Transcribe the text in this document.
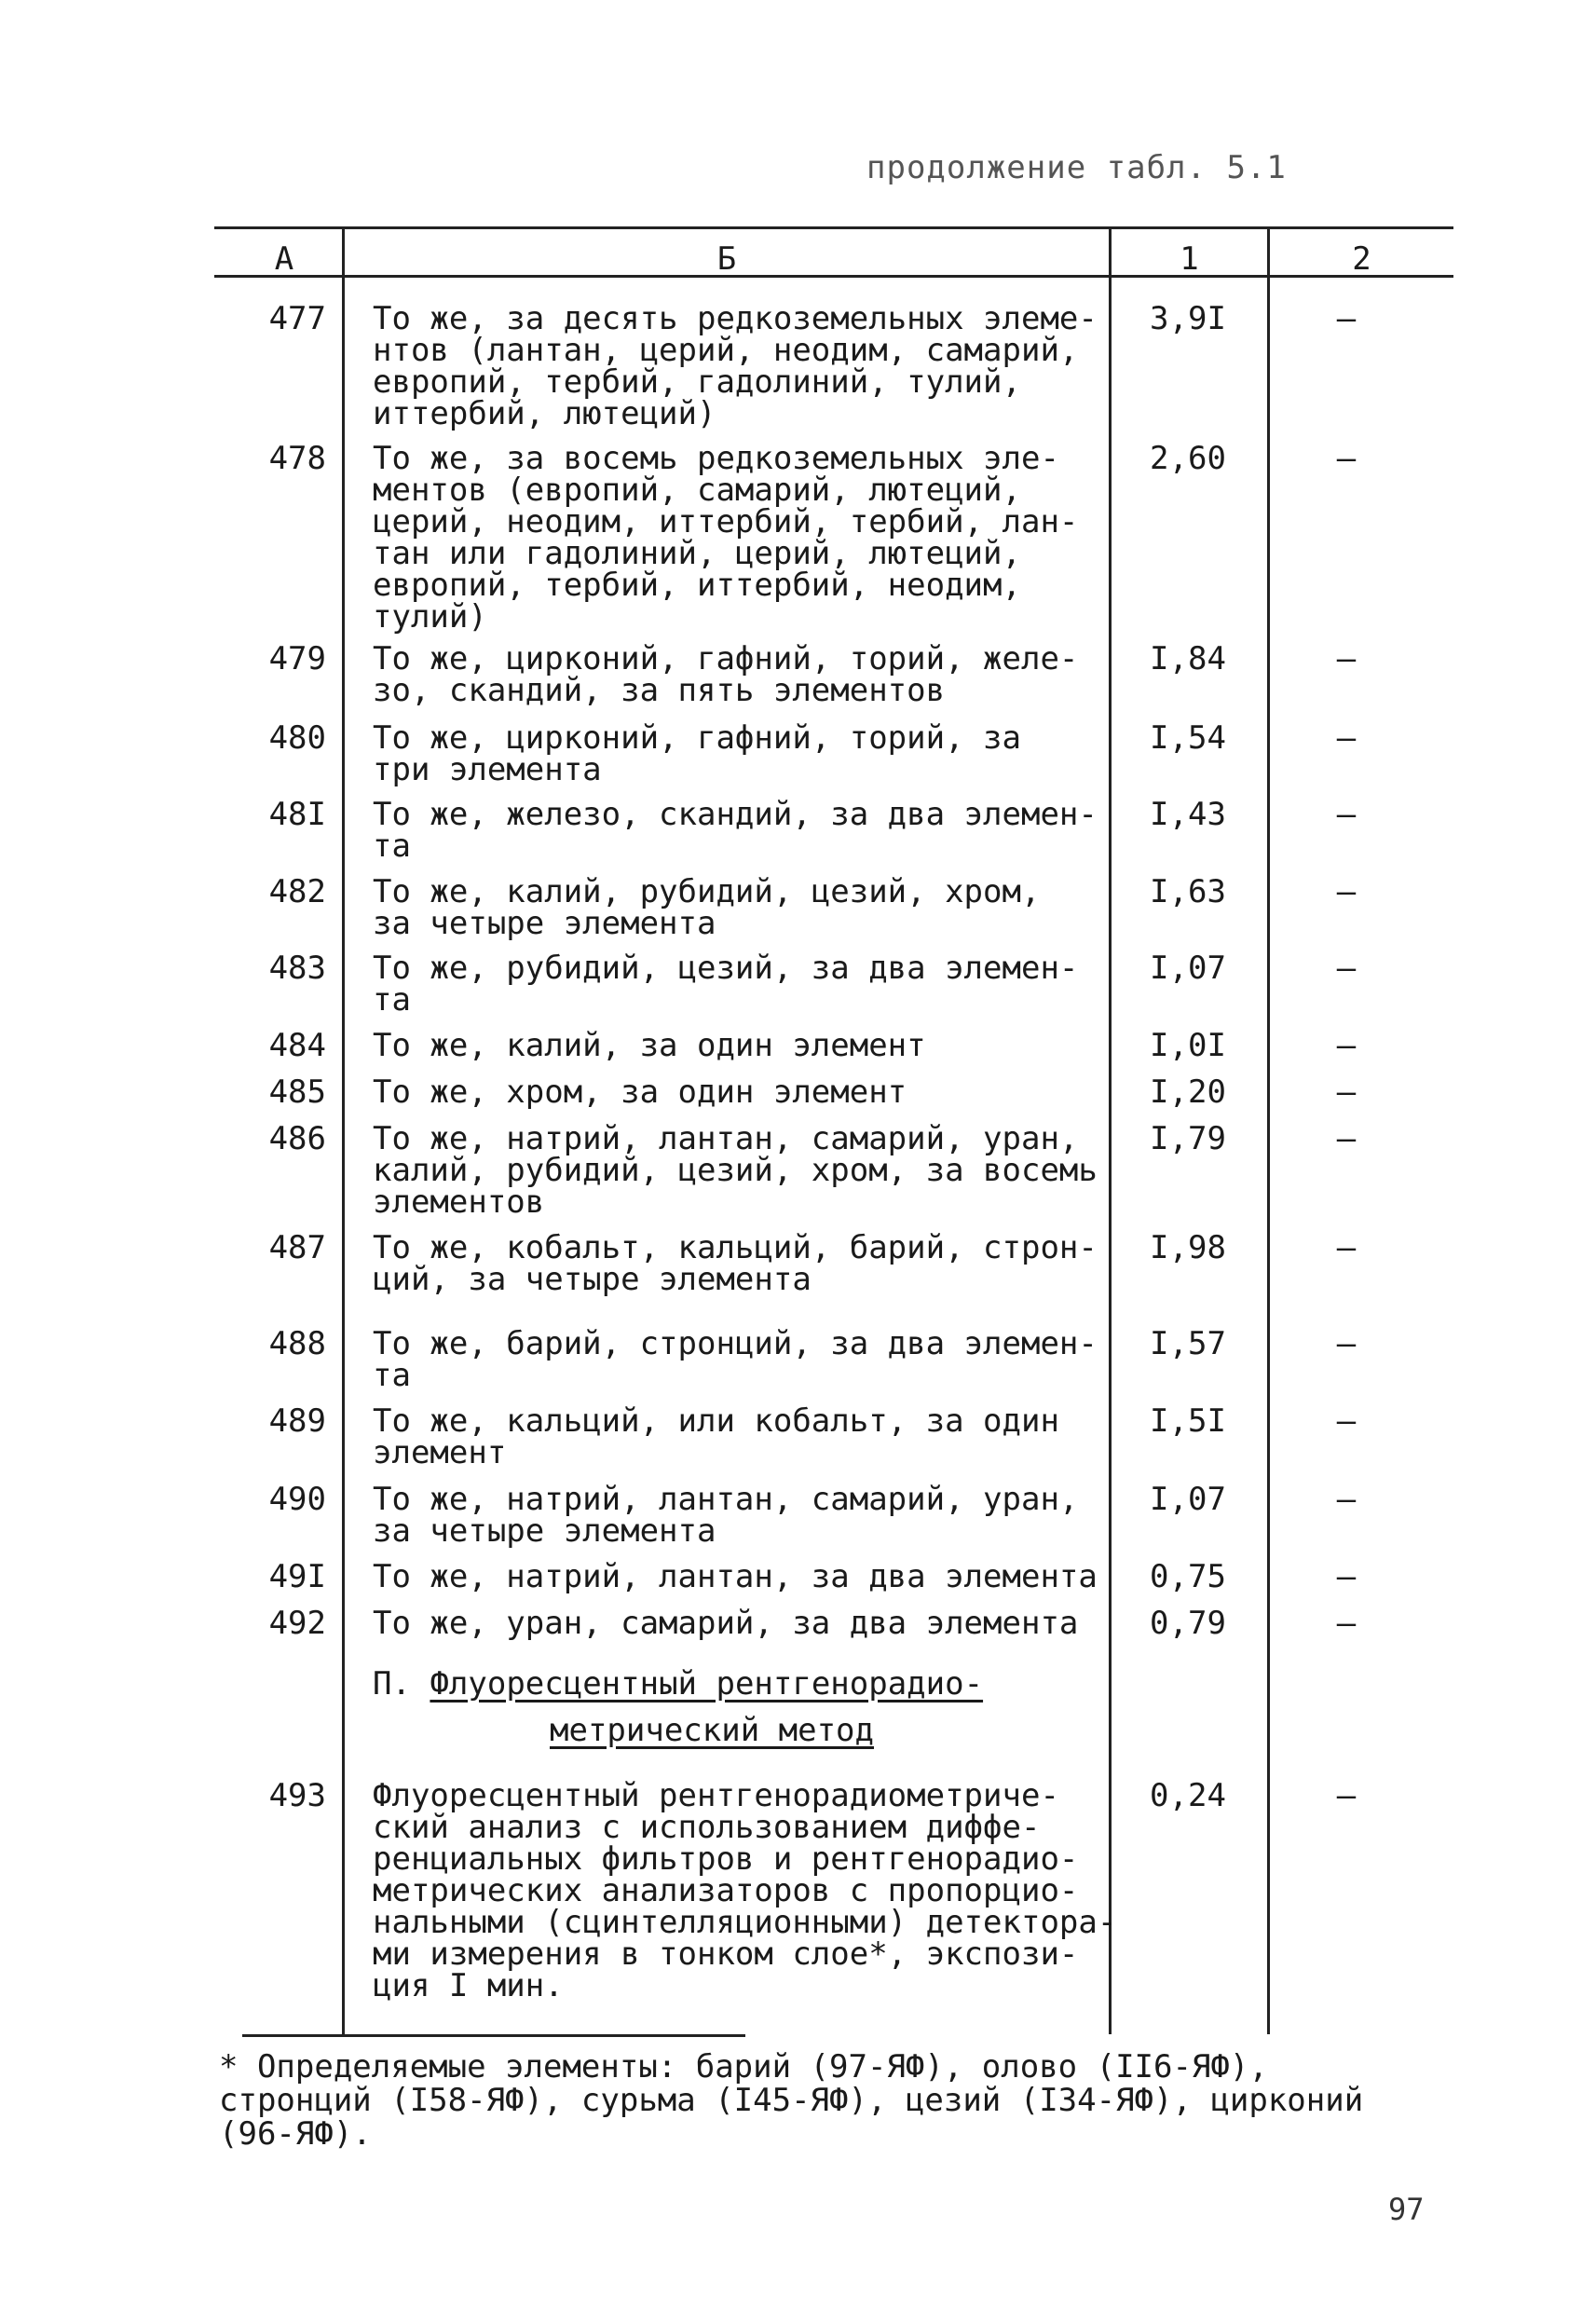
продолжение табл. 5.1
А	Б	1	2
477 То же, за десять редкоземельных элеме-
нтов (лантан, церий, неодим, самарий,
европий, тербий, гадолиний, тулий,
иттербий, лютеций)
3,9I	–
478 То же, за восемь редкоземельных эле-
ментов (европий, самарий, лютеций,
церий, неодим, иттербий, тербий, лан-
тан или гадолиний, церий, лютеций,
европий, тербий, иттербий, неодим,
тулий)
2,60	–
479 То же, цирконий, гафний, торий, желе-
зо, скандий, за пять элементов
I,84	–
480 То же, цирконий, гафний, торий, за
три элемента
I,54	–
48I То же, железо, скандий, за два элемен-
та
I,43	–
482 То же, калий, рубидий, цезий, хром,
за четыре элемента
I,63	–
483 То же, рубидий, цезий, за два элемен-
та
I,07	–
484 То же, калий, за один элемент	I,0I	–
485 То же, хром, за один элемент	I,20	–
486 То же, натрий, лантан, самарий, уран,
калий, рубидий, цезий, хром, за восемь
элементов
I,79	–
487 То же, кобальт, кальций, барий, строн-
ций, за четыре элемента
I,98	–
488 То же, барий, стронций, за два элемен-
та
I,57	–
489 То же, кальций, или кобальт, за один
элемент
I,5I	–
490 То же, натрий, лантан, самарий, уран,
за четыре элемента
I,07	–
49I То же, натрий, лантан, за два элемента	0,75	–
492 То же, уран, самарий, за два элемента	0,79	–
П. Флуоресцентный рентгенорадио-
метрический метод
493 Флуоресцентный рентгенорадиометриче-
ский анализ с использованием диффе-
ренциальных фильтров и рентгенорадио-
метрических анализаторов с пропорцио-
нальными (сцинтелляционными) детектора-
ми измерения в тонком слое*, экспози-
ция I мин.
0,24	–
* Определяемые элементы: барий (97-ЯФ), олово (II6-ЯФ),
стронций (I58-ЯФ), сурьма (I45-ЯФ), цезий (I34-ЯФ), цирконий
(96-ЯФ).
97
